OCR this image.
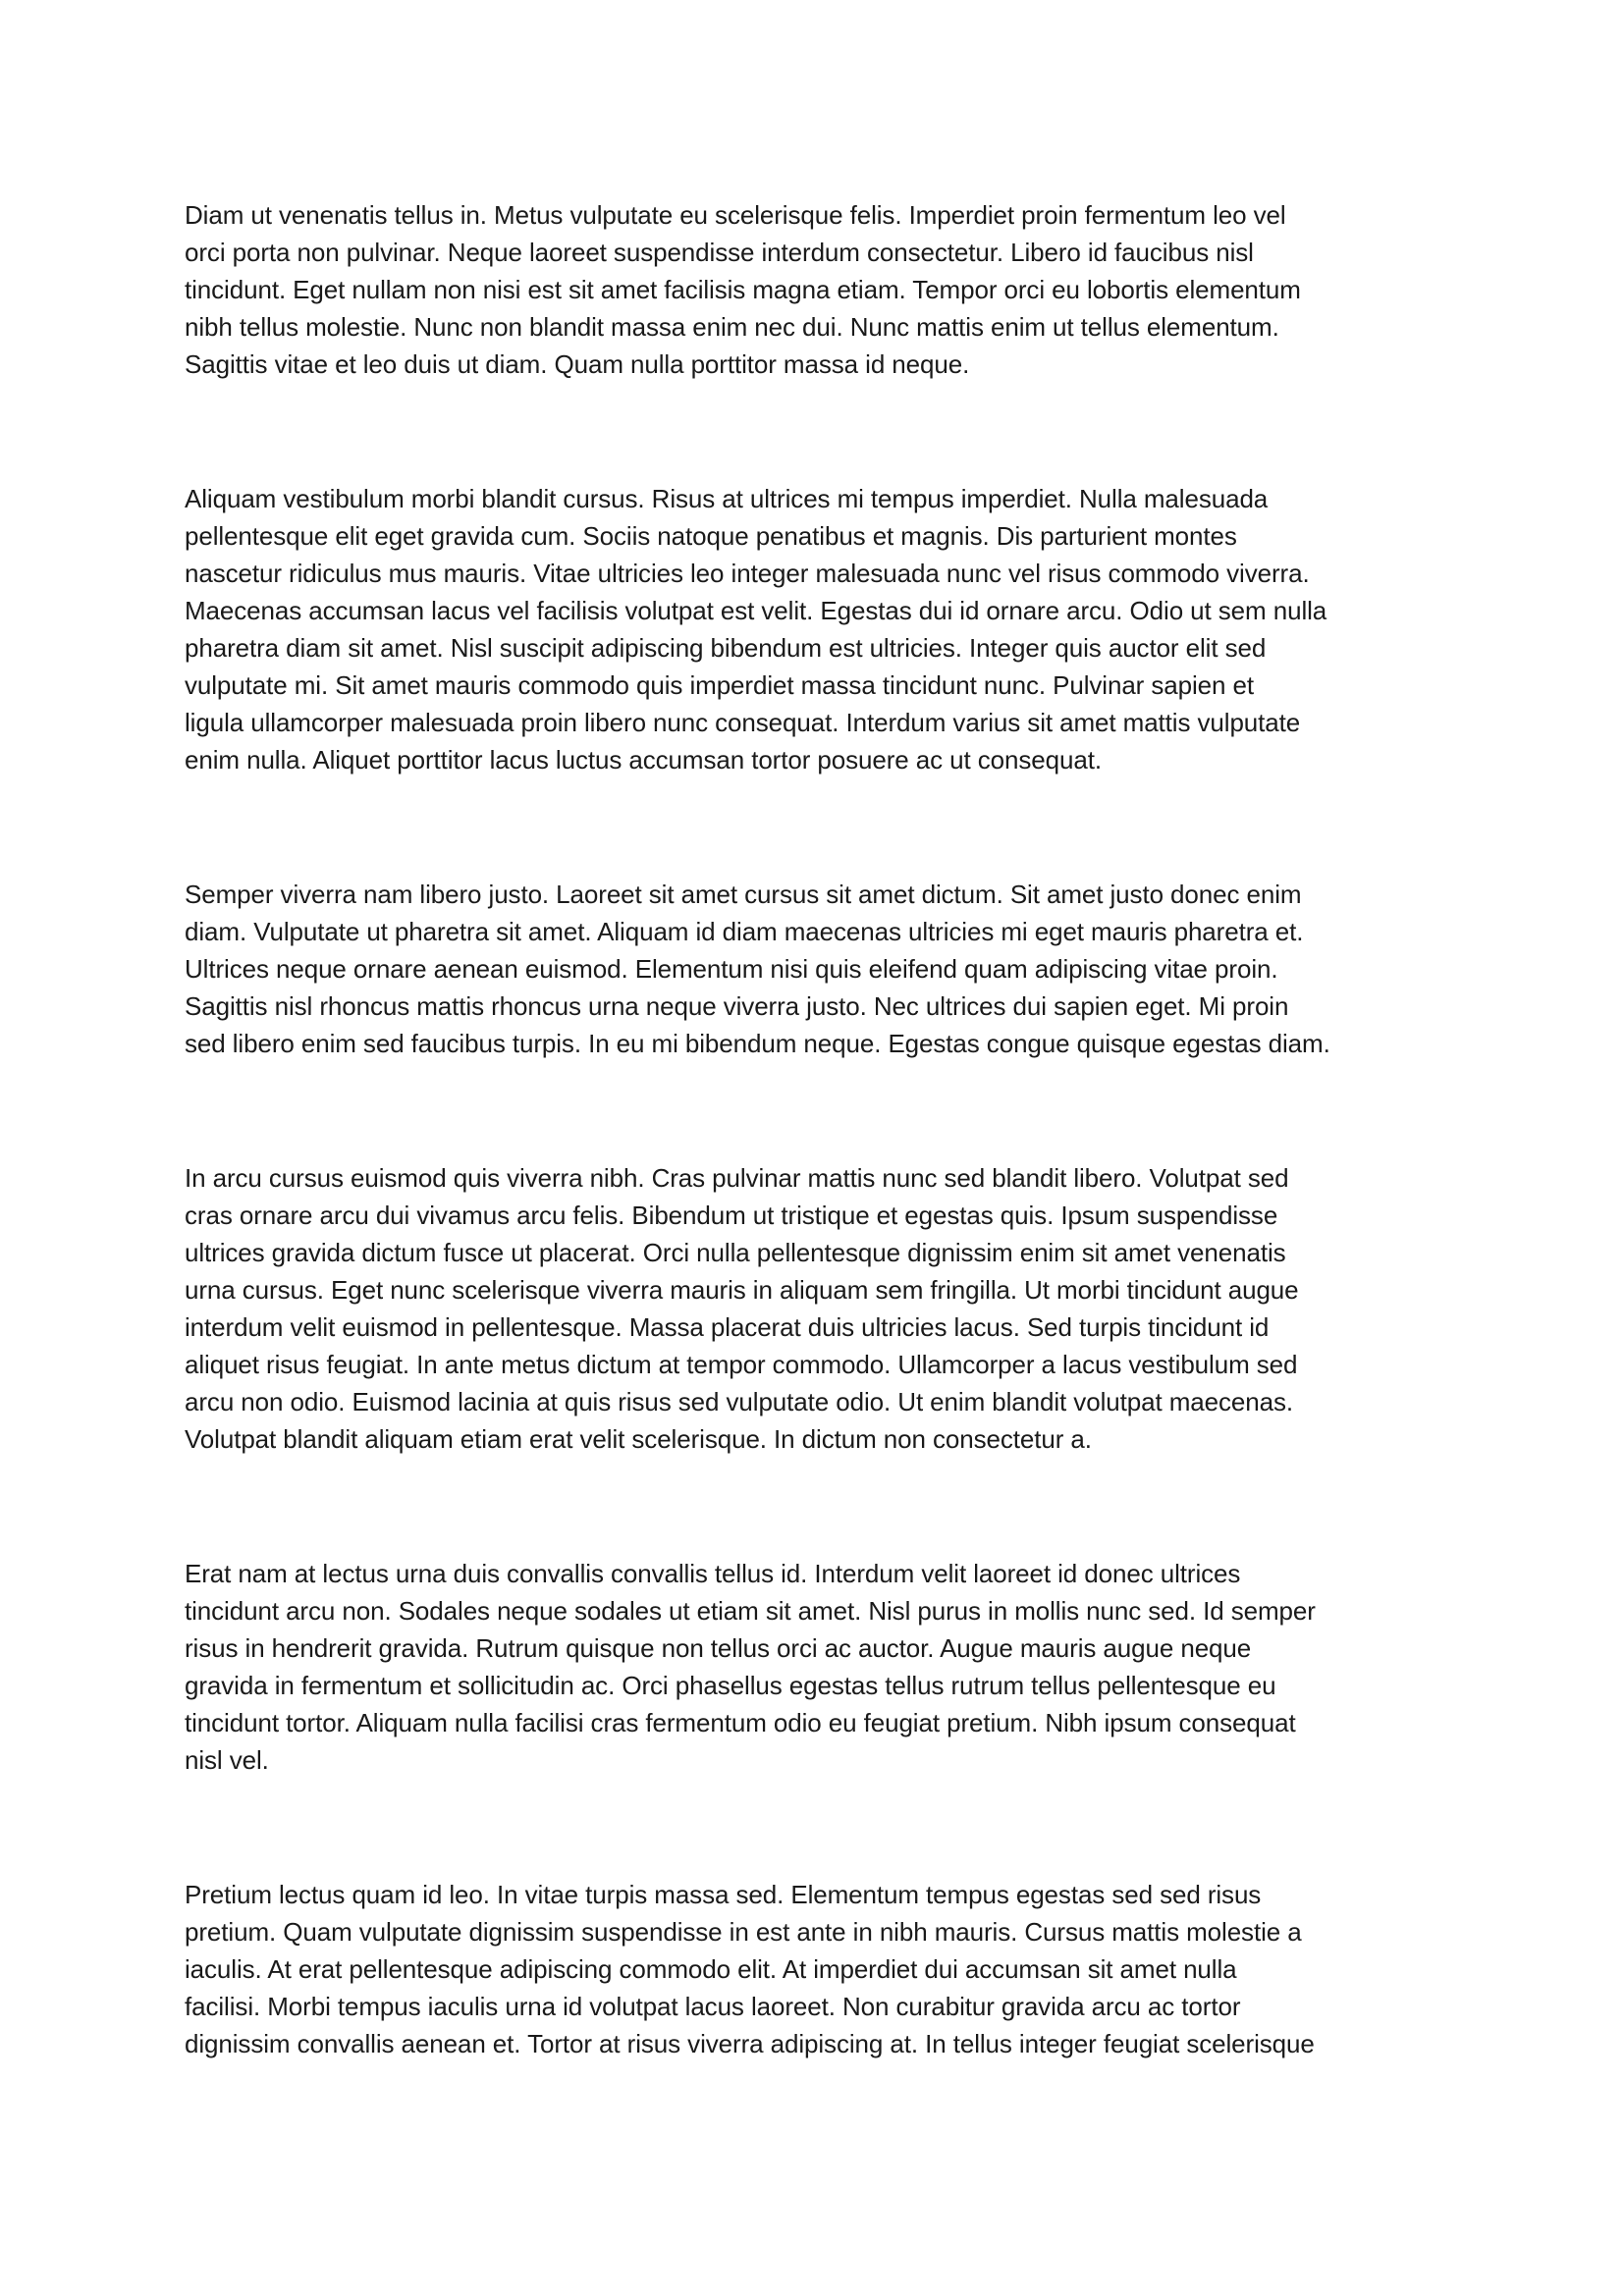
Diam ut venenatis tellus in. Metus vulputate eu scelerisque felis. Imperdiet proin fermentum leo vel
orci porta non pulvinar. Neque laoreet suspendisse interdum consectetur. Libero id faucibus nisl
tincidunt. Eget nullam non nisi est sit amet facilisis magna etiam. Tempor orci eu lobortis elementum
nibh tellus molestie. Nunc non blandit massa enim nec dui. Nunc mattis enim ut tellus elementum.
Sagittis vitae et leo duis ut diam. Quam nulla porttitor massa id neque.

Aliquam vestibulum morbi blandit cursus. Risus at ultrices mi tempus imperdiet. Nulla malesuada
pellentesque elit eget gravida cum. Sociis natoque penatibus et magnis. Dis parturient montes
nascetur ridiculus mus mauris. Vitae ultricies leo integer malesuada nunc vel risus commodo viverra.
Maecenas accumsan lacus vel facilisis volutpat est velit. Egestas dui id ornare arcu. Odio ut sem nulla
pharetra diam sit amet. Nisl suscipit adipiscing bibendum est ultricies. Integer quis auctor elit sed
vulputate mi. Sit amet mauris commodo quis imperdiet massa tincidunt nunc. Pulvinar sapien et
ligula ullamcorper malesuada proin libero nunc consequat. Interdum varius sit amet mattis vulputate
enim nulla. Aliquet porttitor lacus luctus accumsan tortor posuere ac ut consequat.

Semper viverra nam libero justo. Laoreet sit amet cursus sit amet dictum. Sit amet justo donec enim
diam. Vulputate ut pharetra sit amet. Aliquam id diam maecenas ultricies mi eget mauris pharetra et.
Ultrices neque ornare aenean euismod. Elementum nisi quis eleifend quam adipiscing vitae proin.
Sagittis nisl rhoncus mattis rhoncus urna neque viverra justo. Nec ultrices dui sapien eget. Mi proin
sed libero enim sed faucibus turpis. In eu mi bibendum neque. Egestas congue quisque egestas diam.

In arcu cursus euismod quis viverra nibh. Cras pulvinar mattis nunc sed blandit libero. Volutpat sed
cras ornare arcu dui vivamus arcu felis. Bibendum ut tristique et egestas quis. Ipsum suspendisse
ultrices gravida dictum fusce ut placerat. Orci nulla pellentesque dignissim enim sit amet venenatis
urna cursus. Eget nunc scelerisque viverra mauris in aliquam sem fringilla. Ut morbi tincidunt augue
interdum velit euismod in pellentesque. Massa placerat duis ultricies lacus. Sed turpis tincidunt id
aliquet risus feugiat. In ante metus dictum at tempor commodo. Ullamcorper a lacus vestibulum sed
arcu non odio. Euismod lacinia at quis risus sed vulputate odio. Ut enim blandit volutpat maecenas.
Volutpat blandit aliquam etiam erat velit scelerisque. In dictum non consectetur a.

Erat nam at lectus urna duis convallis convallis tellus id. Interdum velit laoreet id donec ultrices
tincidunt arcu non. Sodales neque sodales ut etiam sit amet. Nisl purus in mollis nunc sed. Id semper
risus in hendrerit gravida. Rutrum quisque non tellus orci ac auctor. Augue mauris augue neque
gravida in fermentum et sollicitudin ac. Orci phasellus egestas tellus rutrum tellus pellentesque eu
tincidunt tortor. Aliquam nulla facilisi cras fermentum odio eu feugiat pretium. Nibh ipsum consequat
nisl vel.

Pretium lectus quam id leo. In vitae turpis massa sed. Elementum tempus egestas sed sed risus
pretium. Quam vulputate dignissim suspendisse in est ante in nibh mauris. Cursus mattis molestie a
iaculis. At erat pellentesque adipiscing commodo elit. At imperdiet dui accumsan sit amet nulla
facilisi. Morbi tempus iaculis urna id volutpat lacus laoreet. Non curabitur gravida arcu ac tortor
dignissim convallis aenean et. Tortor at risus viverra adipiscing at. In tellus integer feugiat scelerisque
